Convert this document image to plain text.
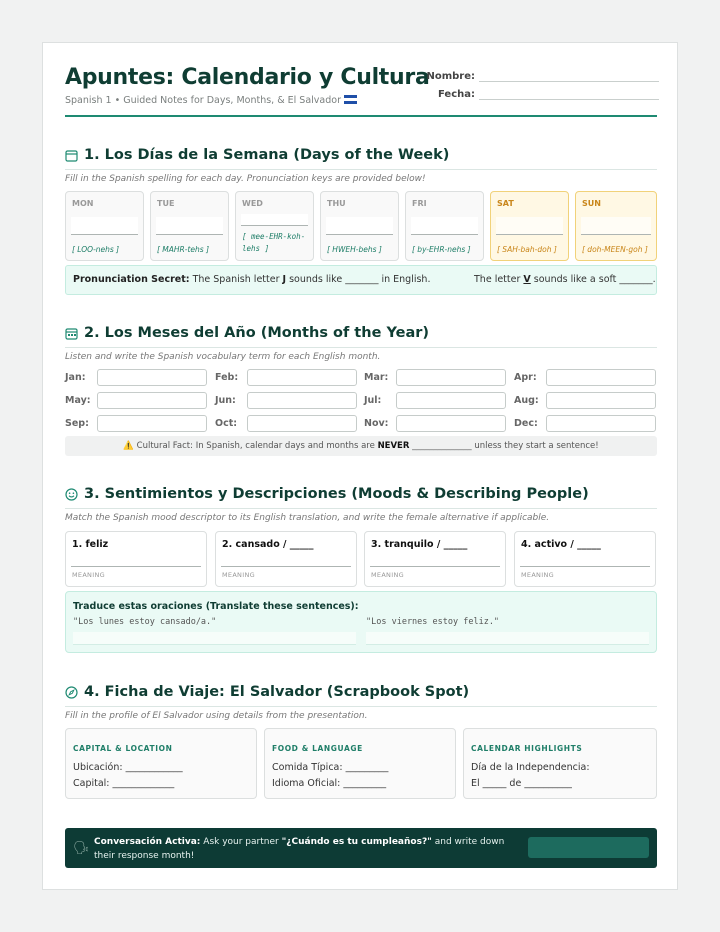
Apuntes: Calendario y Cultura
Spanish 1 • Guided Notes for Days, Months, & El Salvador
Nombre:
Fecha:
1. Los Días de la Semana (Days of the Week)
Fill in the Spanish spelling for each day. Pronunciation keys are provided below!
MON
[ LOO-nehs ]
TUE
[ MAHR-tehs ]
WED
[ mee-EHR-koh-lehs ]
THU
[ HWEH-behs ]
FRI
[ by-EHR-nehs ]
SAT
[ SAH-bah-doh ]
SUN
[ doh-MEEN-goh ]
Pronunciation Secret: The Spanish letter J sounds like _______ in English.	The letter V sounds like a soft _______.
2. Los Meses del Año (Months of the Year)
Listen and write the Spanish vocabulary term for each English month.
Jan:	Feb:	Mar:	Apr:
May:	Jun:	Jul:	Aug:
Sep:	Oct:	Nov:	Dec:
⚠️ Cultural Fact: In Spanish, calendar days and months are NEVER ______________ unless they start a sentence!
3. Sentimientos y Descripciones (Moods & Describing People)
Match the Spanish mood descriptor to its English translation, and write the female alternative if applicable.
1. feliz
MEANING
2. cansado / _____
MEANING
3. tranquilo / _____
MEANING
4. activo / _____
MEANING
Traduce estas oraciones (Translate these sentences):
"Los lunes estoy cansado/a."	"Los viernes estoy feliz."
4. Ficha de Viaje: El Salvador (Scrapbook Spot)
Fill in the profile of El Salvador using details from the presentation.
CAPITAL & LOCATION
Ubicación: ____________
Capital: _____________
FOOD & LANGUAGE
Comida Típica: _________
Idioma Oficial: _________
CALENDAR HIGHLIGHTS
Día de la Independencia:
El _____ de __________
🗣 Conversación Activa: Ask your partner "¿Cuándo es tu cumpleaños?" and write down their response month!
